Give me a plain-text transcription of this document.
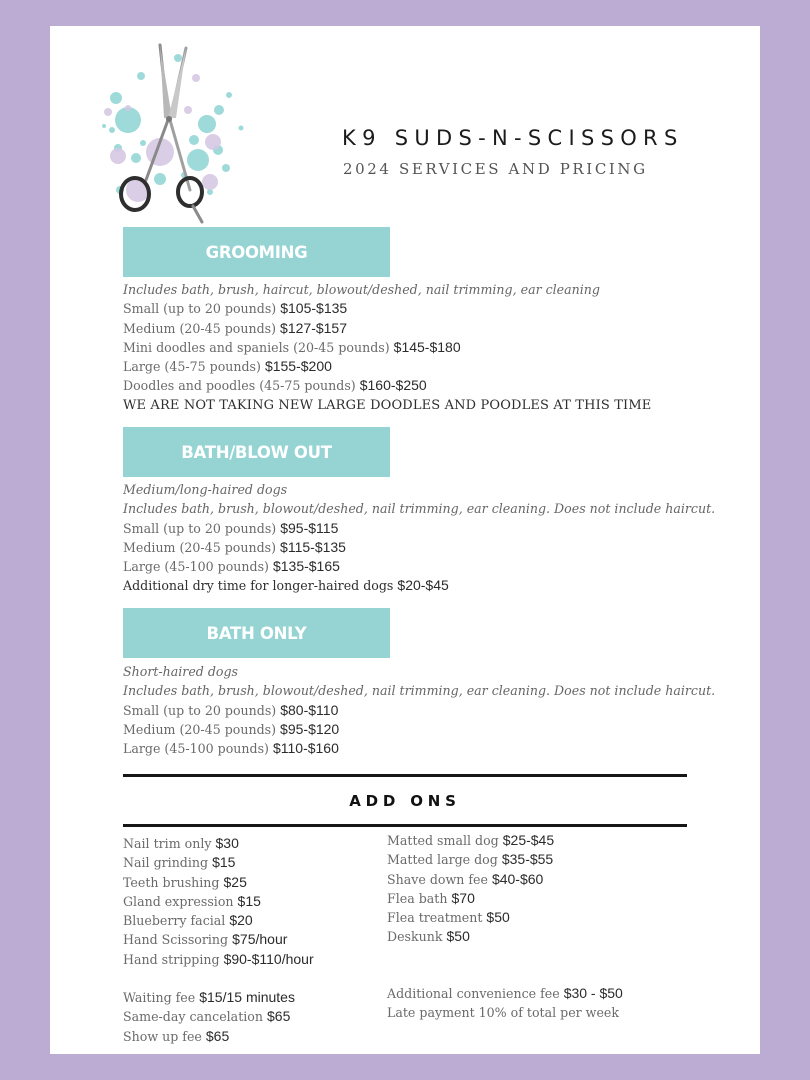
K9 SUDS-N-SCISSORS
2024 SERVICES AND PRICING
GROOMING
Includes bath, brush, haircut, blowout/deshed, nail trimming, ear cleaning
Small (up to 20 pounds) $105-$135
Medium (20-45 pounds) $127-$157
Mini doodles and spaniels (20-45 pounds) $145-$180
Large (45-75 pounds) $155-$200
Doodles and poodles (45-75 pounds) $160-$250
WE ARE NOT TAKING NEW LARGE DOODLES AND POODLES AT THIS TIME
BATH/BLOW OUT
Medium/long-haired dogs
Includes bath, brush, blowout/deshed, nail trimming, ear cleaning. Does not include haircut.
Small (up to 20 pounds) $95-$115
Medium (20-45 pounds) $115-$135
Large (45-100 pounds) $135-$165
Additional dry time for longer-haired dogs $20-$45
BATH ONLY
Short-haired dogs
Includes bath, brush, blowout/deshed, nail trimming, ear cleaning. Does not include haircut.
Small (up to 20 pounds) $80-$110
Medium (20-45 pounds) $95-$120
Large (45-100 pounds) $110-$160
ADD ONS
Nail trim only $30
Nail grinding $15
Teeth brushing $25
Gland expression $15
Blueberry facial $20
Hand Scissoring $75/hour
Hand stripping $90-$110/hour
Matted small dog $25-$45
Matted large dog $35-$55
Shave down fee $40-$60
Flea bath $70
Flea treatment $50
Deskunk $50
Waiting fee $15/15 minutes
Same-day cancelation $65
Show up fee $65
Additional convenience fee $30 - $50
Late payment 10% of total per week
